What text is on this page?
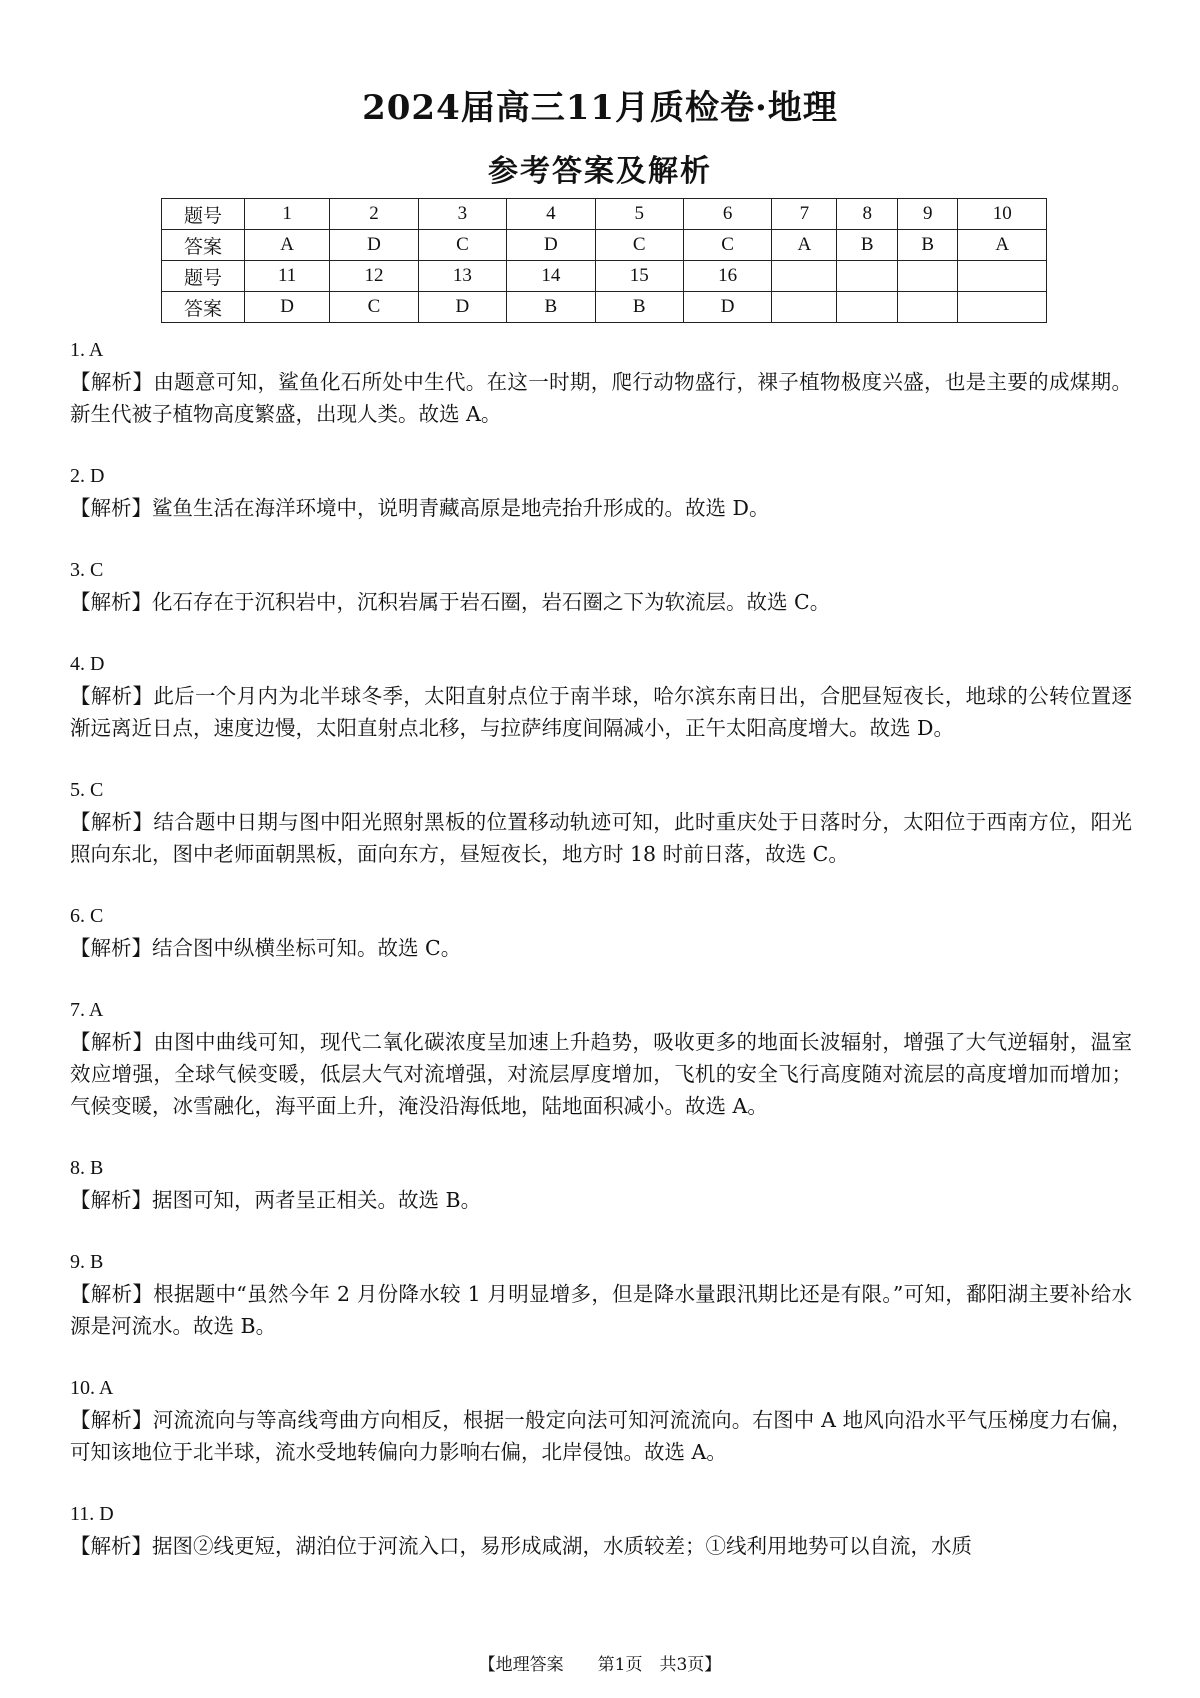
2024届高三11月质检卷·地理
参考答案及解析
题号	1	2	3	4	5	6	7	8	9	10
答案	A	D	C	D	C	C	A	B	B	A
题号	11	12	13	14	15	16				
答案	D	C	D	B	B	D				
1. A
【解析】由题意可知，鲨鱼化石所处中生代。在这一时期，爬行动物盛行，裸子植物极度兴盛，也是主要的成煤期。新生代被子植物高度繁盛，出现人类。故选 A。
2. D
【解析】鲨鱼生活在海洋环境中，说明青藏高原是地壳抬升形成的。故选 D。
3. C
【解析】化石存在于沉积岩中，沉积岩属于岩石圈，岩石圈之下为软流层。故选 C。
4. D
【解析】此后一个月内为北半球冬季，太阳直射点位于南半球，哈尔滨东南日出，合肥昼短夜长，地球的公转位置逐渐远离近日点，速度边慢，太阳直射点北移，与拉萨纬度间隔减小，正午太阳高度增大。故选 D。
5. C
【解析】结合题中日期与图中阳光照射黑板的位置移动轨迹可知，此时重庆处于日落时分，太阳位于西南方位，阳光照向东北，图中老师面朝黑板，面向东方，昼短夜长，地方时 18 时前日落，故选 C。
6. C
【解析】结合图中纵横坐标可知。故选 C。
7. A
【解析】由图中曲线可知，现代二氧化碳浓度呈加速上升趋势，吸收更多的地面长波辐射，增强了大气逆辐射，温室效应增强，全球气候变暖，低层大气对流增强，对流层厚度增加，飞机的安全飞行高度随对流层的高度增加而增加；气候变暖，冰雪融化，海平面上升，淹没沿海低地，陆地面积减小。故选 A。
8. B
【解析】据图可知，两者呈正相关。故选 B。
9. B
【解析】根据题中“虽然今年 2 月份降水较 1 月明显增多，但是降水量跟汛期比还是有限。”可知，鄱阳湖主要补给水源是河流水。故选 B。
10. A
【解析】河流流向与等高线弯曲方向相反，根据一般定向法可知河流流向。右图中 A 地风向沿水平气压梯度力右偏，可知该地位于北半球，流水受地转偏向力影响右偏，北岸侵蚀。故选 A。
11. D
【解析】据图②线更短，湖泊位于河流入口，易形成咸湖，水质较差；①线利用地势可以自流，水质
【地理答案　　第1页　共3页】
